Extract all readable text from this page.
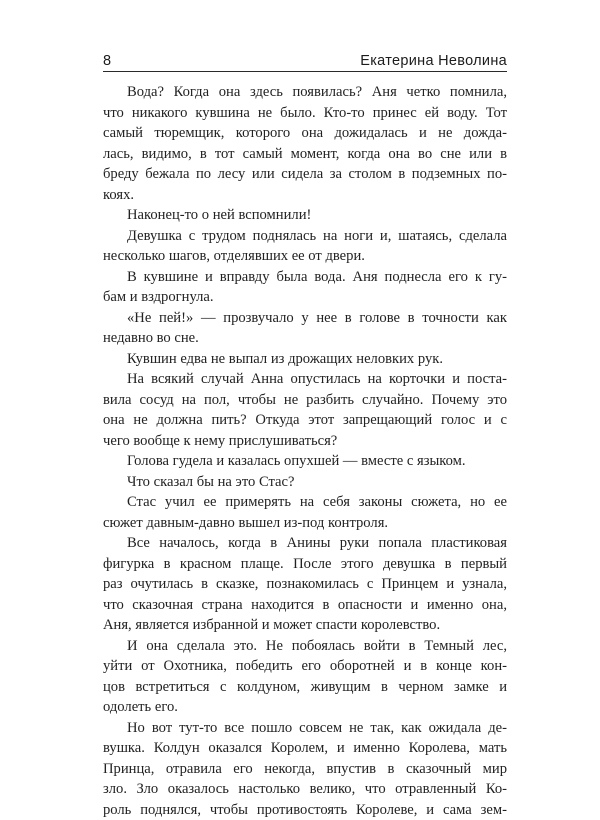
8	Екатерина Неволина
Вода? Когда она здесь появилась? Аня четко помнила,
что никакого кувшина не было. Кто-то принес ей воду. Тот
самый тюремщик, которого она дожидалась и не дожда-
лась, видимо, в тот самый момент, когда она во сне или в
бреду бежала по лесу или сидела за столом в подземных по-
коях.
Наконец-то о ней вспомнили!
Девушка с трудом поднялась на ноги и, шатаясь, сделала
несколько шагов, отделявших ее от двери.
В кувшине и вправду была вода. Аня поднесла его к гу-
бам и вздрогнула.
«Не пей!» — прозвучало у нее в голове в точности как
недавно во сне.
Кувшин едва не выпал из дрожащих неловких рук.
На всякий случай Анна опустилась на корточки и поста-
вила сосуд на пол, чтобы не разбить случайно. Почему это
она не должна пить? Откуда этот запрещающий голос и с
чего вообще к нему прислушиваться?
Голова гудела и казалась опухшей — вместе с языком.
Что сказал бы на это Стас?
Стас учил ее примерять на себя законы сюжета, но ее
сюжет давным-давно вышел из-под контроля.
Все началось, когда в Анины руки попала пластиковая
фигурка в красном плаще. После этого девушка в первый
раз очутилась в сказке, познакомилась с Принцем и узнала,
что сказочная страна находится в опасности и именно она,
Аня, является избранной и может спасти королевство.
И она сделала это. Не побоялась войти в Темный лес,
уйти от Охотника, победить его оборотней и в конце кон-
цов встретиться с колдуном, живущим в черном замке и
одолеть его.
Но вот тут-то все пошло совсем не так, как ожидала де-
вушка. Колдун оказался Королем, и именно Королева, мать
Принца, отравила его некогда, впустив в сказочный мир
зло. Зло оказалось настолько велико, что отравленный Ко-
роль поднялся, чтобы противостоять Королеве, и сама зем-
